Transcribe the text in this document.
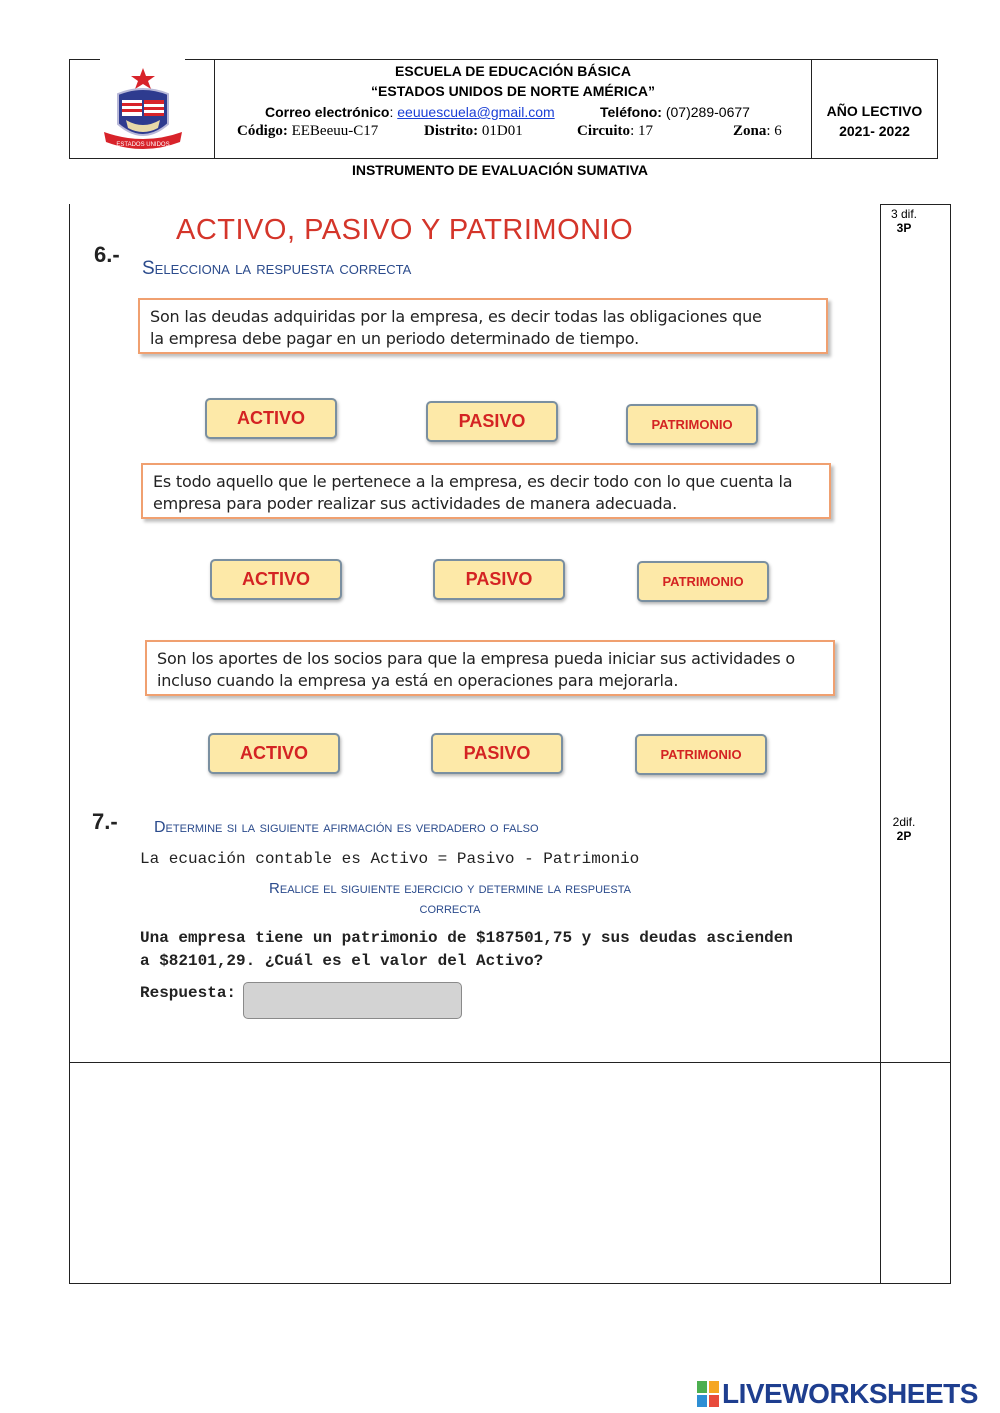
ESTADOS UNIDOS
ESCUELA DE EDUCACIÓN BÁSICA
“ESTADOS UNIDOS DE NORTE AMÉRICA”
Correo electrónico: eeuuescuela@gmail.com	Teléfono: (07)289-0677
Código: EEBeeuu-C17	Distrito: 01D01	Circuito: 17	Zona: 6
AÑO LECTIVO
2021- 2022
INSTRUMENTO DE EVALUACIÓN SUMATIVA
3 dif.
3P
2dif.
2P
ACTIVO, PASIVO Y PATRIMONIO
6.-
Selecciona la respuesta correcta
Son las deudas adquiridas por la empresa, es decir todas las obligaciones que
la empresa debe pagar en un periodo determinado de tiempo.
ACTIVO	PASIVO	PATRIMONIO
Es todo aquello que le pertenece a la empresa, es decir todo con lo que cuenta la
empresa para poder realizar sus actividades de manera adecuada.
ACTIVO	PASIVO	PATRIMONIO
Son los aportes de los socios para que la empresa pueda iniciar sus actividades o
incluso cuando la empresa ya está en operaciones para mejorarla.
ACTIVO	PASIVO	PATRIMONIO
7.- Determine si la siguiente afirmación es verdadero o falso
La ecuación contable es Activo = Pasivo - Patrimonio
Realice el siguiente ejercicio y determine la respuesta
correcta
Una empresa tiene un patrimonio de $187501,75 y sus deudas ascienden
a $82101,29. ¿Cuál es el valor del Activo?
Respuesta:
LIVEWORKSHEETS
